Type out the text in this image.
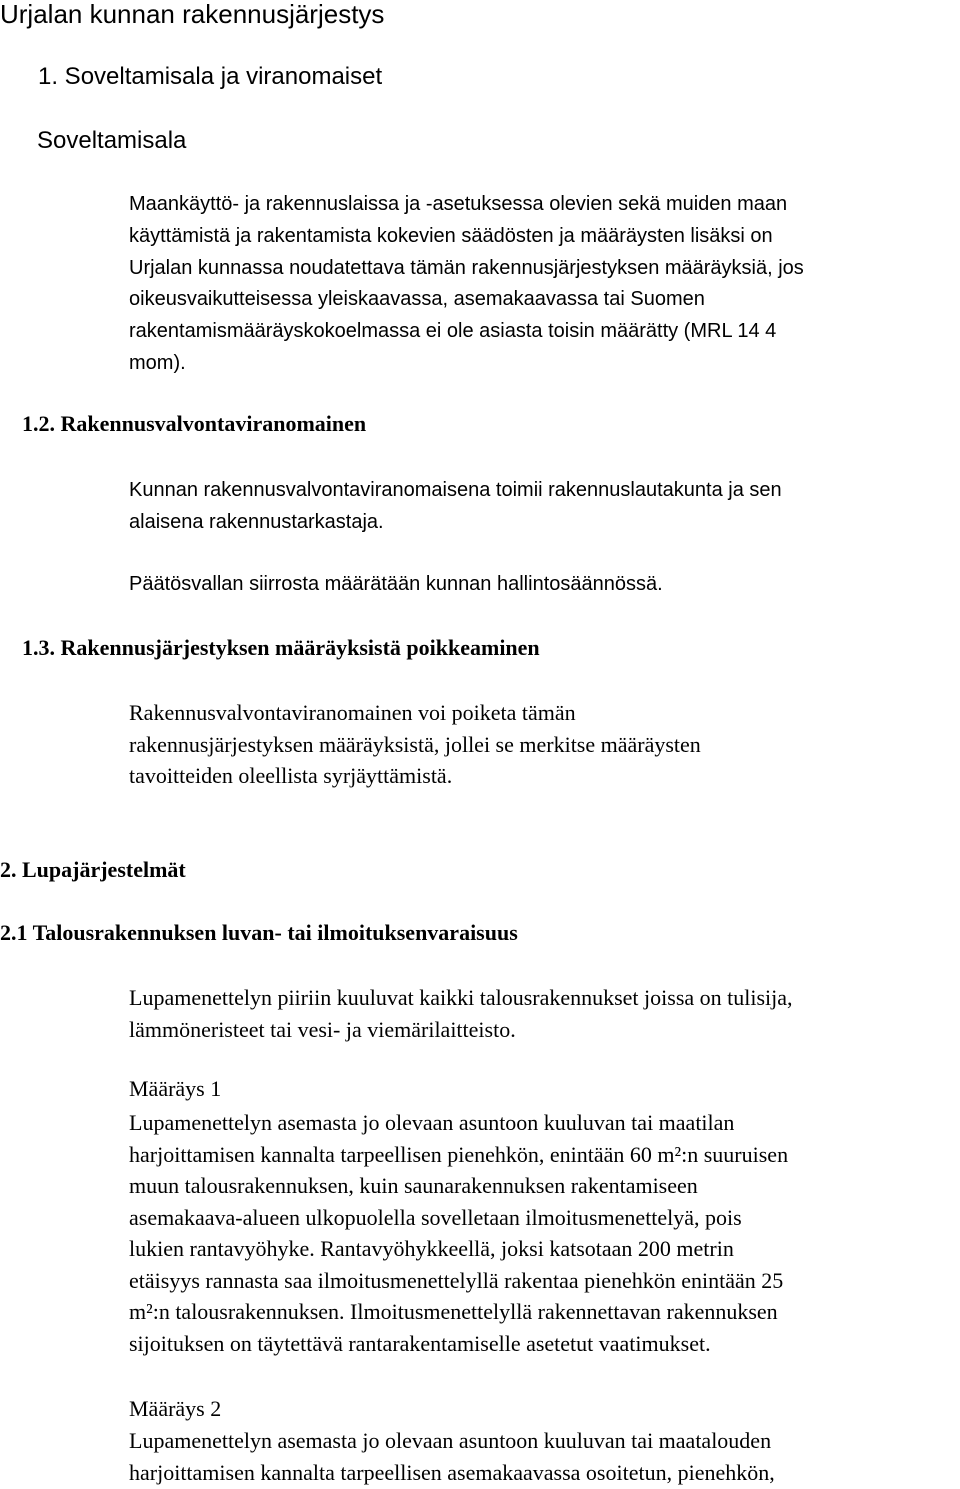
Urjalan kunnan rakennusjärjestys
1. Soveltamisala ja viranomaiset
Soveltamisala
Maankäyttö- ja rakennuslaissa ja -asetuksessa olevien sekä muiden maan
käyttämistä ja rakentamista kokevien säädösten ja määräysten lisäksi on
Urjalan kunnassa noudatettava tämän rakennusjärjestyksen määräyksiä, jos
oikeusvaikutteisessa yleiskaavassa, asemakaavassa tai Suomen
rakentamismääräyskokoelmassa ei ole asiasta toisin määrätty (MRL 14 4
mom).
1.2. Rakennusvalvontaviranomainen
Kunnan rakennusvalvontaviranomaisena toimii rakennuslautakunta ja sen
alaisena rakennustarkastaja.
Päätösvallan siirrosta määrätään kunnan hallintosäännössä.
1.3. Rakennusjärjestyksen määräyksistä poikkeaminen
Rakennusvalvontaviranomainen voi poiketa tämän
rakennusjärjestyksen määräyksistä, jollei se merkitse määräysten
tavoitteiden oleellista syrjäyttämistä.
2. Lupajärjestelmät
2.1 Talousrakennuksen luvan- tai ilmoituksenvaraisuus
Lupamenettelyn piiriin kuuluvat kaikki talousrakennukset joissa on tulisija,
lämmöneristeet tai vesi- ja viemärilaitteisto.
Määräys 1
Lupamenettelyn asemasta jo olevaan asuntoon kuuluvan tai maatilan
harjoittamisen kannalta tarpeellisen pienehkön, enintään 60 m²:n suuruisen
muun talousrakennuksen, kuin saunarakennuksen rakentamiseen
asemakaava-alueen ulkopuolella sovelletaan ilmoitusmenettelyä, pois
lukien rantavyöhyke. Rantavyöhykkeellä, joksi katsotaan 200 metrin
etäisyys rannasta saa ilmoitusmenettelyllä rakentaa pienehkön enintään 25
m²:n talousrakennuksen. Ilmoitusmenettelyllä rakennettavan rakennuksen
sijoituksen on täytettävä rantarakentamiselle asetetut vaatimukset.
Määräys 2
Lupamenettelyn asemasta jo olevaan asuntoon kuuluvan tai maatalouden
harjoittamisen kannalta tarpeellisen asemakaavassa osoitetun, pienehkön,
